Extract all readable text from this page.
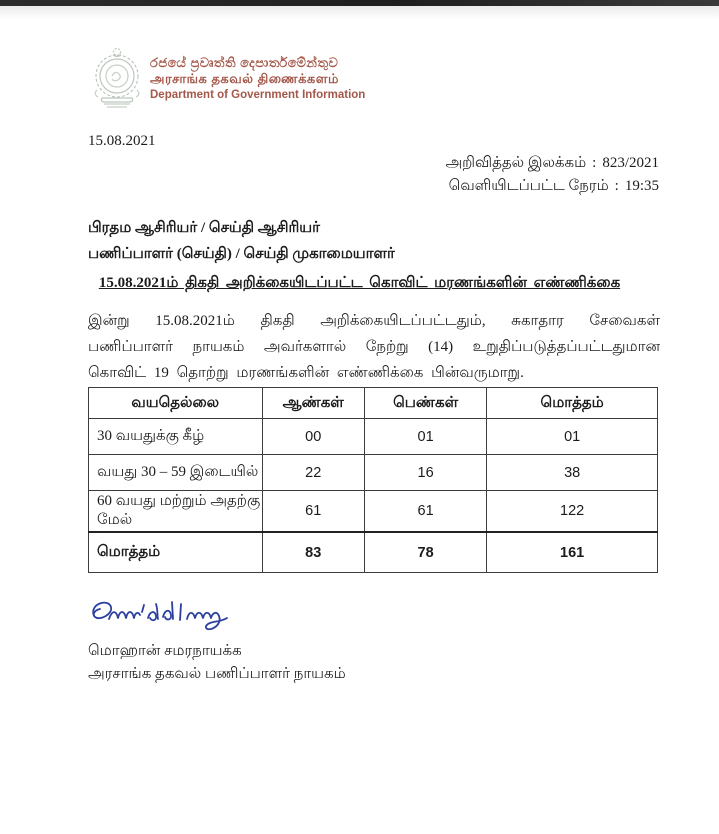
රජයේ ප්‍රවෘත්ති දෙපාර්තමේන්තුව
அரசாங்க தகவல் திணைக்களம்
Department of Government Information
15.08.2021
அறிவித்தல் இலக்கம் : 823/2021
வெளியிடப்பட்ட நேரம் : 19:35
பிரதம ஆசிரியர் / செய்தி ஆசிரியர்
பணிப்பாளர் (செய்தி) / செய்தி முகாமையாளர்
15.08.2021ம் திகதி அறிக்கையிடப்பட்ட கொவிட் மரணங்களின் எண்ணிக்கை
இன்று 15.08.2021ம் திகதி அறிக்கையிடப்பட்டதும், சுகாதார சேவைகள் பணிப்பாளர் நாயகம் அவர்களால் நேற்று (14) உறுதிப்படுத்தப்பட்டதுமான கொவிட் 19 தொற்று மரணங்களின் எண்ணிக்கை பின்வருமாறு.
வயதெல்லை	ஆண்கள்	பெண்கள்	மொத்தம்
30 வயதுக்கு கீழ்	00	01	01
வயது 30 – 59 இடையில்	22	16	38
60 வயது மற்றும் அதற்கு மேல்	61	61	122
மொத்தம்	83	78	161
மொஹான் சமரநாயக்க
அரசாங்க தகவல் பணிப்பாளர் நாயகம்
